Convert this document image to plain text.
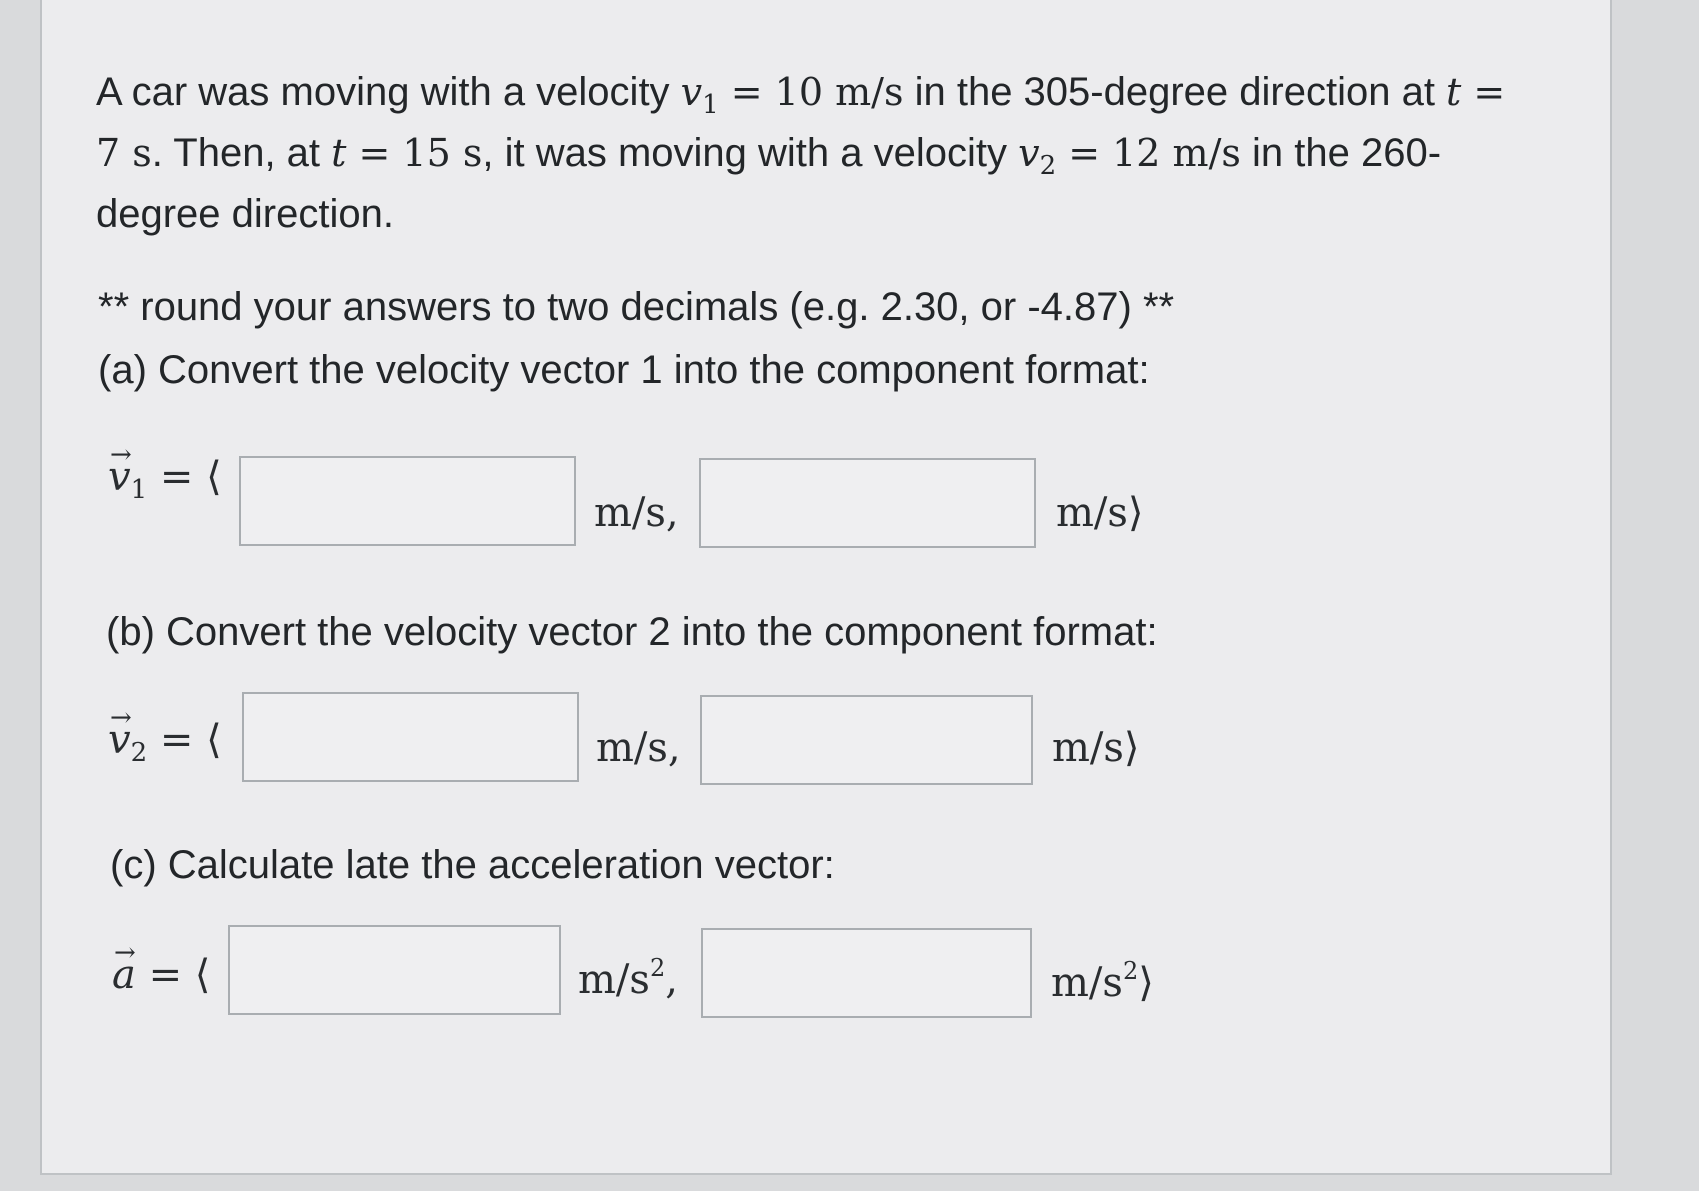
A car was moving with a velocity $v_1 = 10$ m/s in the 305-degree direction at t = 7 s. Then, at t = 15 s, it was moving with a velocity $v_2 = 12$ m/s in the 260-degree direction.
** round your answers to two decimals (e.g. 2.30, or -4.87) **
(a) Convert the velocity vector 1 into the component format:
→ $v_1$ = ⟨
m/s,	m/s⟩
(b) Convert the velocity vector 2 into the component format:
→ $v_2$ = ⟨	m/s,	m/s⟩
(c) Calculate late the acceleration vector:
→ a = ⟨	$m/s^2$,	$m/s^2⟩$
